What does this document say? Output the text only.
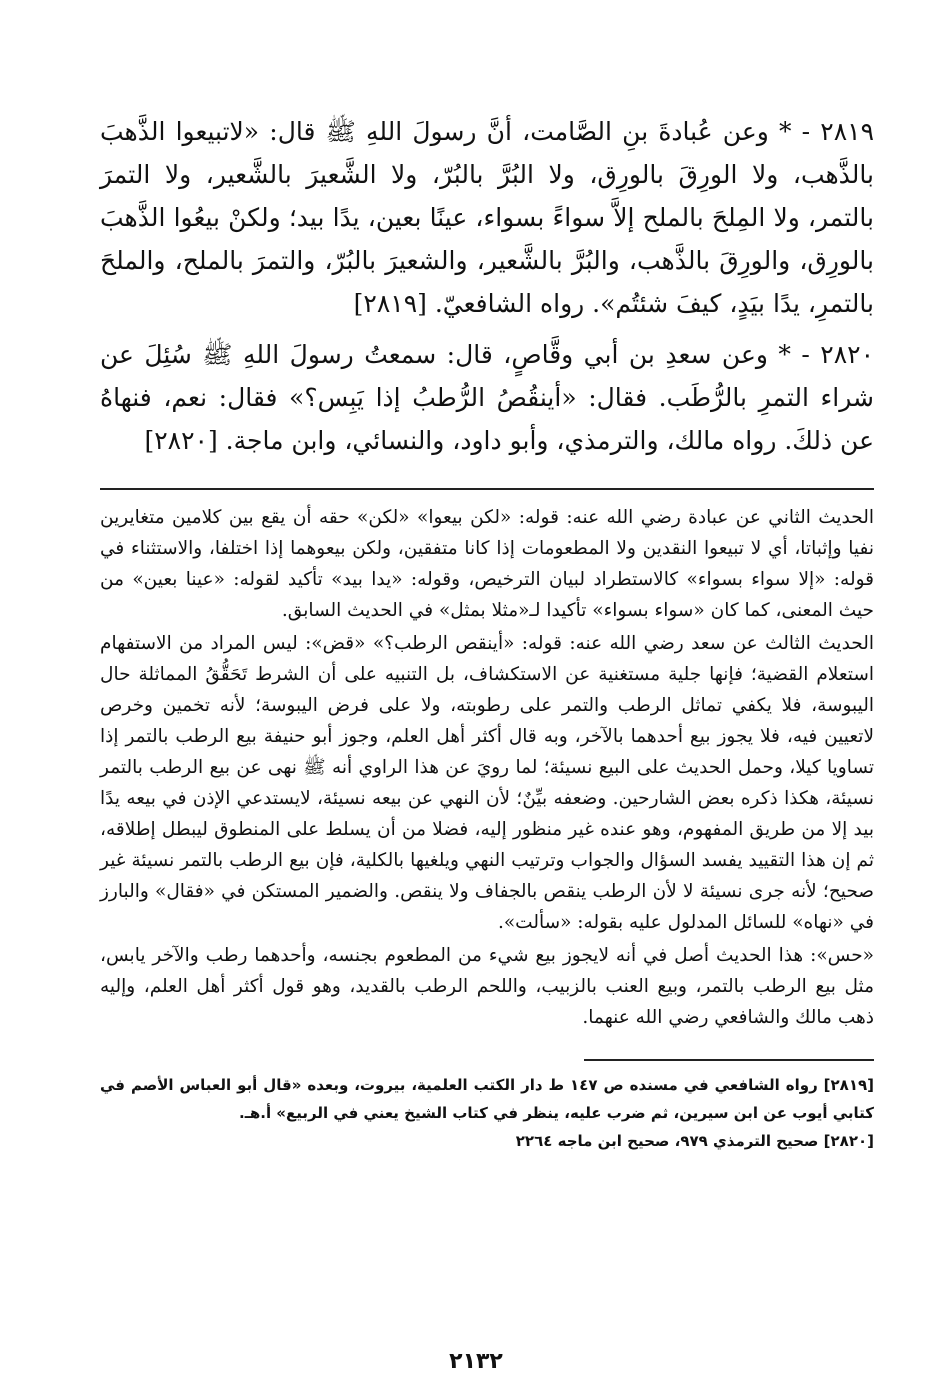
٢٨١٩ - * وعن عُبادةَ بنِ الصَّامت، أنَّ رسولَ اللهِ ﷺ قال: «لاتبيعوا الذَّهبَ بالذَّهب، ولا الورِقَ بالورِق، ولا البُرَّ بالبُرّ، ولا الشَّعيرَ بالشَّعير، ولا التمرَ بالتمر، ولا المِلحَ بالملح إلاَّ سواءً بسواء، عينًا بعين، يدًا بيد؛ ولكنْ بيعُوا الذَّهبَ بالورِق، والورِقَ بالذَّهب، والبُرَّ بالشَّعير، والشعيرَ بالبُرّ، والتمرَ بالملح، والملحَ بالتمرِ، يدًا بيَدٍ، كيفَ شئتُم». رواه الشافعيّ. [٢٨١٩]

٢٨٢٠ - * وعن سعدِ بن أبي وقَّاصٍ، قال: سمعتُ رسولَ اللهِ ﷺ سُئِلَ عن شراء التمرِ بالرُّطَب. فقال: «أينقُصُ الرُّطبُ إذا يَبِس؟» فقال: نعم، فنهاهُ عن ذلكَ. رواه مالك، والترمذي، وأبو داود، والنسائي، وابن ماجة. [٢٨٢٠]

الحديث الثاني عن عبادة رضي الله عنه: قوله: «لكن بيعوا» «لكن» حقه أن يقع بين كلامين متغايرين نفيا وإثباتا، أي لا تبيعوا النقدين ولا المطعومات إذا كانا متفقين، ولكن بيعوهما إذا اختلفا، والاستثناء في قوله: «إلا سواء بسواء» كالاستطراد لبيان الترخيص، وقوله: «يدا بيد» تأكيد لقوله: «عينا بعين» من حيث المعنى، كما كان «سواء بسواء» تأكيدا لـ«مثلا بمثل» في الحديث السابق.

الحديث الثالث عن سعد رضي الله عنه: قوله: «أينقص الرطب؟» «قض»: ليس المراد من الاستفهام استعلام القضية؛ فإنها جلية مستغنية عن الاستكشاف، بل التنبيه على أن الشرط تَحَقُّقُ المماثلة حال اليبوسة، فلا يكفي تماثل الرطب والتمر على رطوبته، ولا على فرض اليبوسة؛ لأنه تخمين وخرص لاتعيين فيه، فلا يجوز بيع أحدهما بالآخر، وبه قال أكثر أهل العلم، وجوز أبو حنيفة بيع الرطب بالتمر إذا تساويا كيلا، وحمل الحديث على البيع نسيئة؛ لما رويَ عن هذا الراوي أنه ﷺ نهى عن بيع الرطب بالتمر نسيئة، هكذا ذكره بعض الشارحين. وضعفه بيِّنٌ؛ لأن النهي عن بيعه نسيئة، لايستدعي الإذن في بيعه يدًا بيد إلا من طريق المفهوم، وهو عنده غير منظور إليه، فضلا من أن يسلط على المنطوق ليبطل إطلاقه، ثم إن هذا التقييد يفسد السؤال والجواب وترتيب النهي ويلغيها بالكلية، فإن بيع الرطب بالتمر نسيئة غير صحيح؛ لأنه جرى نسيئة لا لأن الرطب ينقص بالجفاف ولا ينقص. والضمير المستكن في «فقال» والبارز في «نهاه» للسائل المدلول عليه بقوله: «سألت».

«حس»: هذا الحديث أصل في أنه لايجوز بيع شيء من المطعوم بجنسه، وأحدهما رطب والآخر يابس، مثل بيع الرطب بالتمر، وبيع العنب بالزبيب، واللحم الرطب بالقديد، وهو قول أكثر أهل العلم، وإليه ذهب مالك والشافعي رضي الله عنهما.

[٢٨١٩] رواه الشافعي في مسنده ص ١٤٧ ط دار الكتب العلمية، بيروت، وبعده «قال أبو العباس الأصم في كتابي أيوب عن ابن سيرين، ثم ضرب عليه، ينظر في كتاب الشيخ يعني في الربيع» أ.هـ.

[٢٨٢٠] صحيح الترمذي ٩٧٩، صحيح ابن ماجه ٢٢٦٤

٢١٣٢
